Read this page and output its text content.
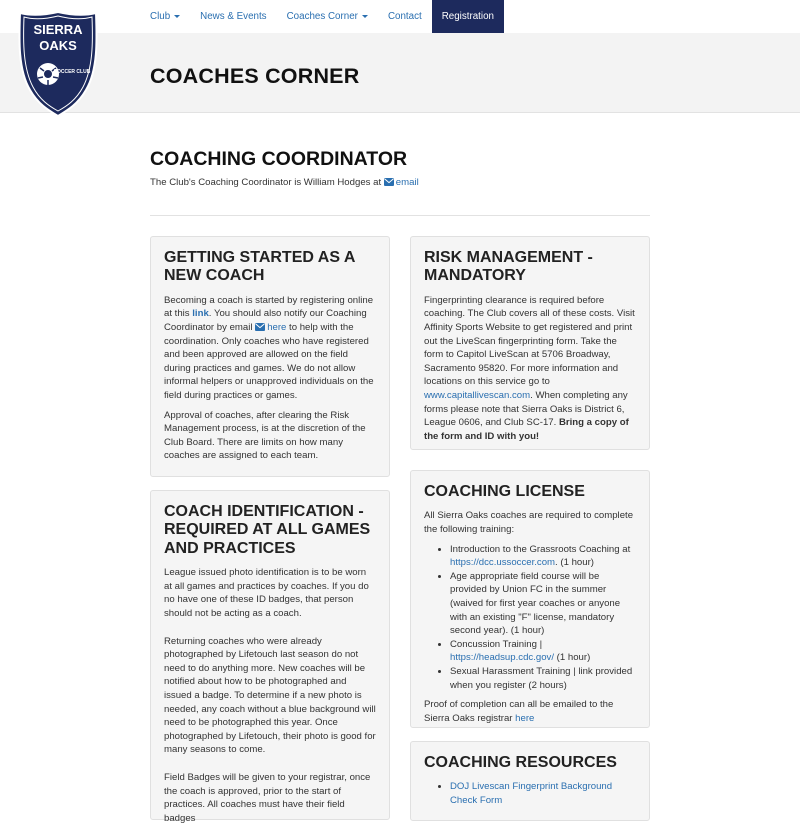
Club	News & Events	Coaches Corner	Contact	Registration
SIERRA
OAKS
SOCCER CLUB	COACHES CORNER
COACHING COORDINATOR
The Club's Coaching Coordinator is William Hodges at email
GETTING STARTED AS A NEW COACH

Becoming a coach is started by registering online at this link. You should also notify our Coaching Coordinator by email here to help with the coordination. Only coaches who have registered and been approved are allowed on the field during practices and games. We do not allow informal helpers or unapproved individuals on the field during practices or games.

Approval of coaches, after clearing the Risk Management process, is at the discretion of the Club Board. There are limits on how many coaches are assigned to each team.

RISK MANAGEMENT - MANDATORY

Fingerprinting clearance is required before coaching. The Club covers all of these costs. Visit Affinity Sports Website to get registered and print out the LiveScan fingerprinting form. Take the form to Capitol LiveScan at 5706 Broadway, Sacramento 95820. For more information and locations on this service go to www.capitallivescan.com. When completing any forms please note that Sierra Oaks is District 6, League 0606, and Club SC-17. Bring a copy of the form and ID with you!

COACH IDENTIFICATION - REQUIRED AT ALL GAMES AND PRACTICES

League issued photo identification is to be worn at all games and practices by coaches. If you do no have one of these ID badges, that person should not be acting as a coach.

Returning coaches who were already photographed by Lifetouch last season do not need to do anything more. New coaches will be notified about how to be photographed and issued a badge. To determine if a new photo is needed, any coach without a blue background will need to be photographed this year. Once photographed by Lifetouch, their photo is good for many seasons to come.

Field Badges will be given to your registrar, once the coach is approved, prior to the start of practices. All coaches must have their field badges

COACHING LICENSE

All Sierra Oaks coaches are required to complete the following training:

• Introduction to the Grassroots Coaching at https://dcc.ussoccer.com. (1 hour)
• Age appropriate field course will be provided by Union FC in the summer (waived for first year coaches or anyone with an existing "F" license, mandatory second year). (1 hour)
• Concussion Training | https://headsup.cdc.gov/ (1 hour)
• Sexual Harassment Training | link provided when you register (2 hours)

Proof of completion can all be emailed to the Sierra Oaks registrar here

COACHING RESOURCES
• DOJ Livescan Fingerprint Background Check Form
